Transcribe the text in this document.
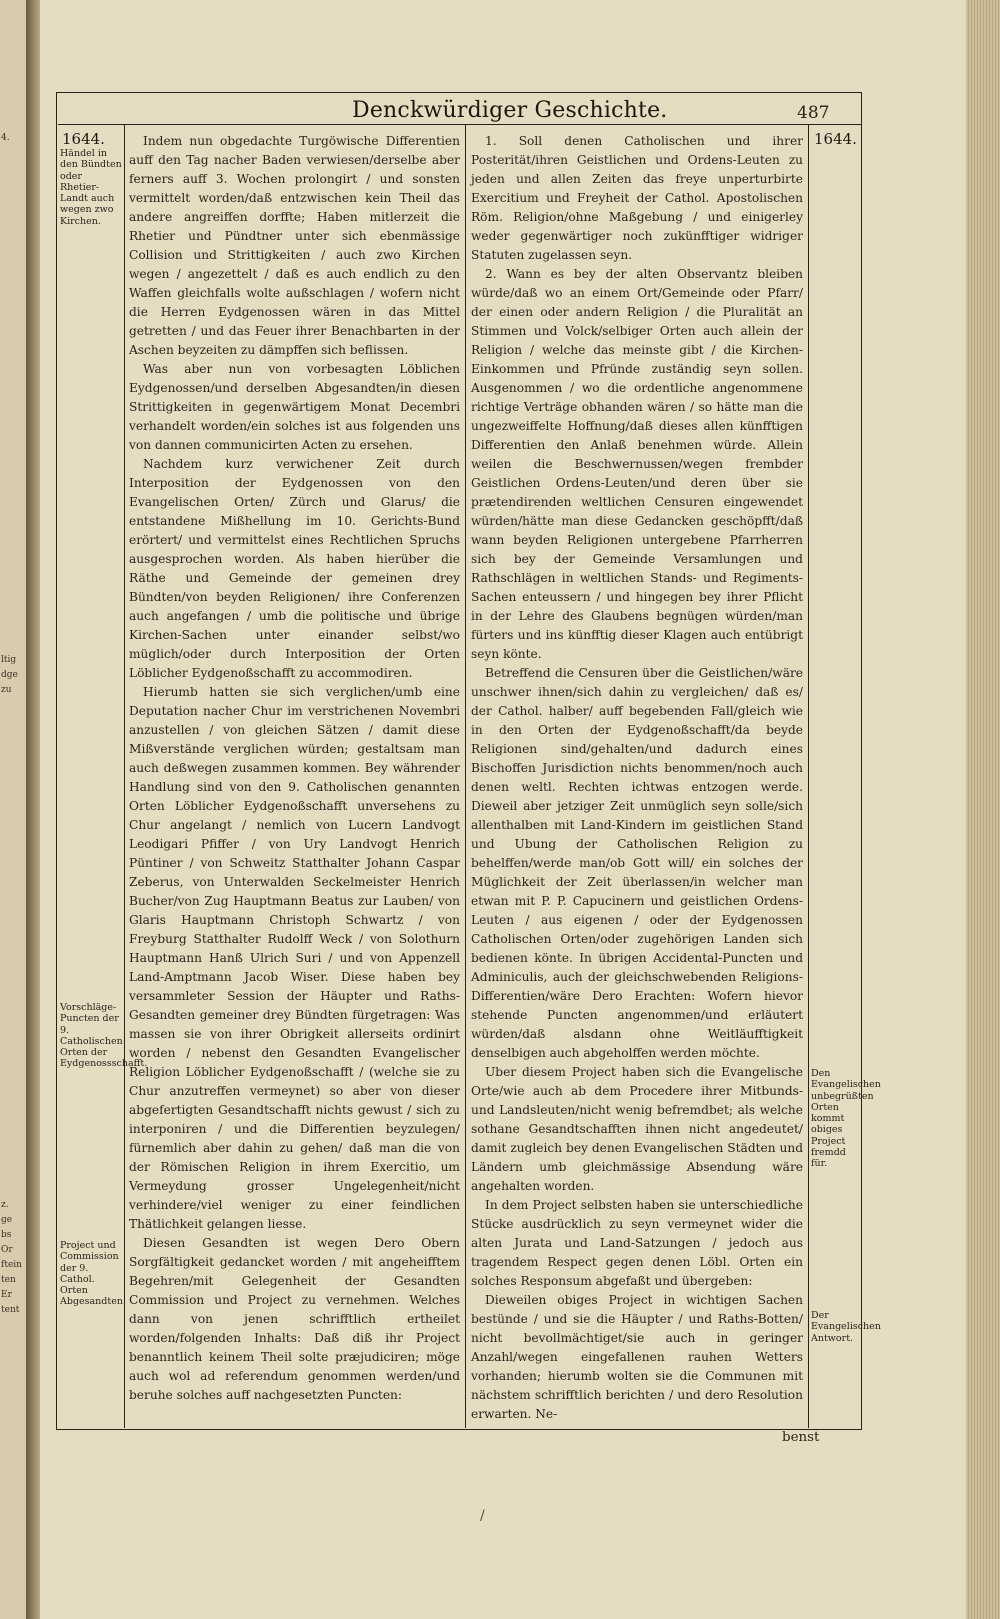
4.
ltig
dge
zu
z.
ge
bs
Or
ftein
ten
Er
tent
Denckwürdiger Geschichte.	487
1644.	1644.
Händel in den Bündten oder Rhetier-Landt auch wegen zwo Kirchen.
Vorschläge-Puncten der 9. Catholischen Orten der Eydgenossschafft.
Project und Commission der 9. Cathol. Orten Abgesandten.
Den Evangelischen unbegrüßten Orten kommt obiges Project fremdd für.
Der Evangelischen Antwort.

Indem nun obgedachte Turgöwische Differentien auff den Tag nacher Baden verwiesen/derselbe aber ferners auff 3. Wochen prolongirt / und sonsten vermittelt worden/daß entzwischen kein Theil das andere angreiffen dorffte; Haben mitlerzeit die Rhetier und Pündtner unter sich ebenmässige Collision und Strittigkeiten / auch zwo Kirchen wegen / angezettelt / daß es auch endlich zu den Waffen gleichfalls wolte außschlagen / wofern nicht die Herren Eydgenossen wären in das Mittel getretten / und das Feuer ihrer Benachbarten in der Aschen beyzeiten zu dämpffen sich beflissen.

Was aber nun von vorbesagten Löblichen Eydgenossen/und derselben Abgesandten/in diesen Strittigkeiten in gegenwärtigem Monat Decembri verhandelt worden/ein solches ist aus folgenden uns von dannen communicirten Acten zu ersehen.

Nachdem kurz verwichener Zeit durch Interposition der Eydgenossen von den Evangelischen Orten/ Zürch und Glarus/ die entstandene Mißhellung im 10. Gerichts-Bund erörtert/ und vermittelst eines Rechtlichen Spruchs ausgesprochen worden. Als haben hierüber die Räthe und Gemeinde der gemeinen drey Bündten/von beyden Religionen/ ihre Conferenzen auch angefangen / umb die politische und übrige Kirchen-Sachen unter einander selbst/wo müglich/oder durch Interposition der Orten Löblicher Eydgenoßschafft zu accommodiren.

Hierumb hatten sie sich verglichen/umb eine Deputation nacher Chur im verstrichenen Novembri anzustellen / von gleichen Sätzen / damit diese Mißverstände verglichen würden; gestaltsam man auch deßwegen zusammen kommen. Bey währender Handlung sind von den 9. Catholischen genannten Orten Löblicher Eydgenoßschafft unversehens zu Chur angelangt / nemlich von Lucern Landvogt Leodigari Pfiffer / von Ury Landvogt Henrich Püntiner / von Schweitz Statthalter Johann Caspar Zeberus, von Unterwalden Seckelmeister Henrich Bucher/von Zug Hauptmann Beatus zur Lauben/ von Glaris Hauptmann Christoph Schwartz / von Freyburg Statthalter Rudolff Weck / von Solothurn Hauptmann Hanß Ulrich Suri / und von Appenzell Land-Amptmann Jacob Wiser. Diese haben bey versammleter Session der Häupter und Raths-Gesandten gemeiner drey Bündten fürgetragen: Was massen sie von ihrer Obrigkeit allerseits ordinirt worden / nebenst den Gesandten Evangelischer Religion Löblicher Eydgenoßschafft / (welche sie zu Chur anzutreffen vermeynet) so aber von dieser abgefertigten Gesandtschafft nichts gewust / sich zu interponiren / und die Differentien beyzulegen/ fürnemlich aber dahin zu gehen/ daß man die von der Römischen Religion in ihrem Exercitio, um Vermeydung grosser Ungelegenheit/nicht verhindere/viel weniger zu einer feindlichen Thätlichkeit gelangen liesse.

Diesen Gesandten ist wegen Dero Obern Sorgfältigkeit gedancket worden / mit angeheifftem Begehren/mit Gelegenheit der Gesandten Commission und Project zu vernehmen. Welches dann von jenen schrifftlich ertheilet worden/folgenden Inhalts: Daß diß ihr Project benanntlich keinem Theil solte præjudiciren; möge auch wol ad referendum genommen werden/und beruhe solches auff nachgesetzten Puncten:

1. Soll denen Catholischen und ihrer Posterität/ihren Geistlichen und Ordens-Leuten zu jeden und allen Zeiten das freye unperturbirte Exercitium und Freyheit der Cathol. Apostolischen Röm. Religion/ohne Maßgebung / und einigerley weder gegenwärtiger noch zukünfftiger widriger Statuten zugelassen seyn.

2. Wann es bey der alten Observantz bleiben würde/daß wo an einem Ort/Gemeinde oder Pfarr/ der einen oder andern Religion / die Pluralität an Stimmen und Volck/selbiger Orten auch allein der Religion / welche das meinste gibt / die Kirchen-Einkommen und Pfründe zuständig seyn sollen. Ausgenommen / wo die ordentliche angenommene richtige Verträge obhanden wären / so hätte man die ungezweiffelte Hoffnung/daß dieses allen künfftigen Differentien den Anlaß benehmen würde. Allein weilen die Beschwernussen/wegen frembder Geistlichen Ordens-Leuten/und deren über sie prætendirenden weltlichen Censuren eingewendet würden/hätte man diese Gedancken geschöpfft/daß wann beyden Religionen untergebene Pfarrherren sich bey der Gemeinde Versamlungen und Rathschlägen in weltlichen Stands- und Regiments-Sachen enteussern / und hingegen bey ihrer Pflicht in der Lehre des Glaubens begnügen würden/man fürters und ins künfftig dieser Klagen auch entübrigt seyn könte.

Betreffend die Censuren über die Geistlichen/wäre unschwer ihnen/sich dahin zu vergleichen/ daß es/ der Cathol. halber/ auff begebenden Fall/gleich wie in den Orten der Eydgenoßschafft/da beyde Religionen sind/gehalten/und dadurch eines Bischoffen Jurisdiction nichts benommen/noch auch denen weltl. Rechten ichtwas entzogen werde. Dieweil aber jetziger Zeit unmüglich seyn solle/sich allenthalben mit Land-Kindern im geistlichen Stand und Ubung der Catholischen Religion zu behelffen/werde man/ob Gott will/ ein solches der Müglichkeit der Zeit überlassen/in welcher man etwan mit P. P. Capucinern und geistlichen Ordens-Leuten / aus eigenen / oder der Eydgenossen Catholischen Orten/oder zugehörigen Landen sich bedienen könte. In übrigen Accidental-Puncten und Adminiculis, auch der gleichschwebenden Religions-Differentien/wäre Dero Erachten: Wofern hievor stehende Puncten angenommen/und erläutert würden/daß alsdann ohne Weitläufftigkeit denselbigen auch abgeholffen werden möchte.

Uber diesem Project haben sich die Evangelische Orte/wie auch ab dem Procedere ihrer Mitbunds- und Landsleuten/nicht wenig befremdbet; als welche sothane Gesandtschafften ihnen nicht angedeutet/ damit zugleich bey denen Evangelischen Städten und Ländern umb gleichmässige Absendung wäre angehalten worden.

In dem Project selbsten haben sie unterschiedliche Stücke ausdrücklich zu seyn vermeynet wider die alten Jurata und Land-Satzungen / jedoch aus tragendem Respect gegen denen Löbl. Orten ein solches Responsum abgefaßt und übergeben:

Dieweilen obiges Project in wichtigen Sachen bestünde / und sie die Häupter / und Raths-Botten/ nicht bevollmächtiget/sie auch in geringer Anzahl/wegen eingefallenen rauhen Wetters vorhanden; hierumb wolten sie die Communen mit nächstem schrifftlich berichten / und dero Resolution erwarten. Ne-

benst
/
